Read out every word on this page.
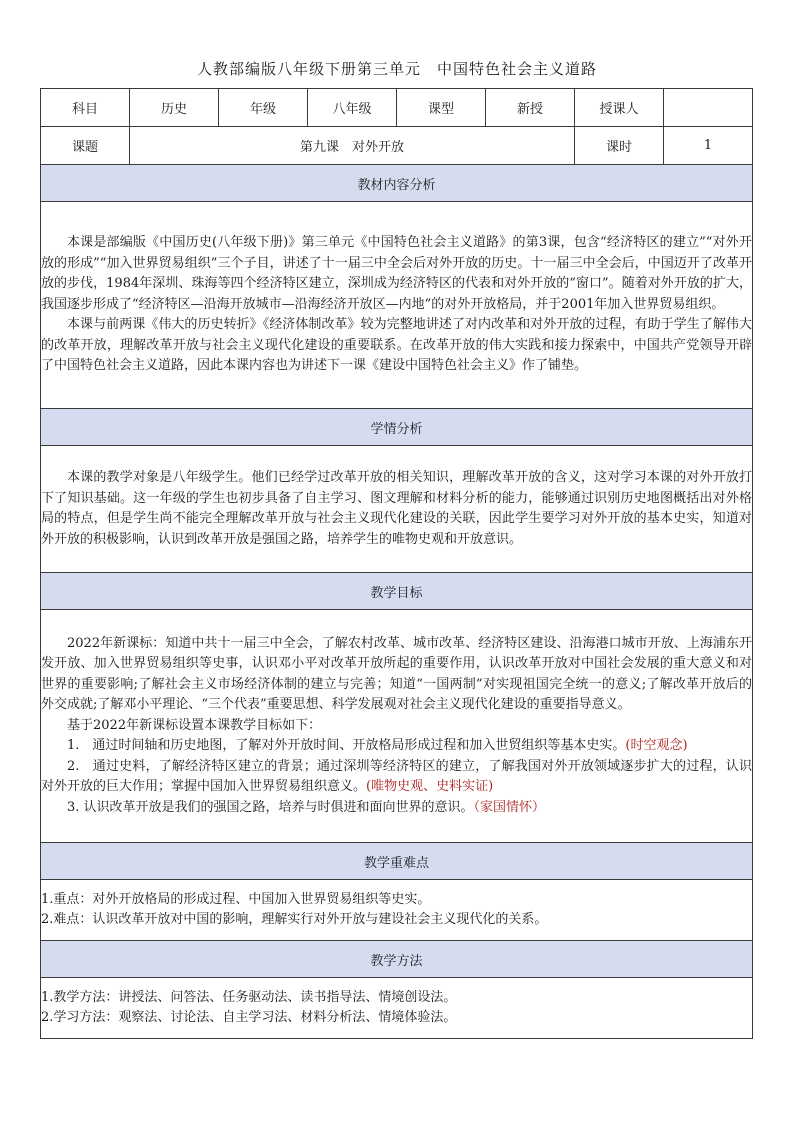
人教部编版八年级下册第三单元　中国特色社会主义道路
科目	历史	年级	八年级	课型	新授	授课人	
课题	第九课　对外开放					课时	1
教材内容分析							

本课是部编版《中国历史(八年级下册)》第三单元《中国特色社会主义道路》的第3课，包含“经济特区的建立”“对外开放的形成”“加入世界贸易组织”三个子目，讲述了十一届三中全会后对外开放的历史。十一届三中全会后，中国迈开了改革开放的步伐，1984年深圳、珠海等四个经济特区建立，深圳成为经济特区的代表和对外开放的“窗口”。随着对外开放的扩大，我国逐步形成了“经济特区—沿海开放城市—沿海经济开放区—内地”的对外开放格局，并于2001年加入世界贸易组织。

本课与前两课《伟大的历史转折》《经济体制改革》较为完整地讲述了对内改革和对外开放的过程，有助于学生了解伟大的改革开放，理解改革开放与社会主义现代化建设的重要联系。在改革开放的伟大实践和接力探索中，中国共产党领导开辟了中国特色社会主义道路，因此本课内容也为讲述下一课《建设中国特色社会主义》作了铺垫。							

学情分析							

本课的教学对象是八年级学生。他们已经学过改革开放的相关知识，理解改革开放的含义，这对学习本课的对外开放打下了知识基础。这一年级的学生也初步具备了自主学习、图文理解和材料分析的能力，能够通过识别历史地图概括出对外格局的特点，但是学生尚不能完全理解改革开放与社会主义现代化建设的关联，因此学生要学习对外开放的基本史实，知道对外开放的积极影响，认识到改革开放是强国之路，培养学生的唯物史观和开放意识。							

教学目标							

2022年新课标：知道中共十一届三中全会，了解农村改革、城市改革、经济特区建设、沿海港口城市开放、上海浦东开发开放、加入世界贸易组织等史事，认识邓小平对改革开放所起的重要作用，认识改革开放对中国社会发展的重大意义和对世界的重要影响;了解社会主义市场经济体制的建立与完善；知道“一国两制”对实现祖国完全统一的意义;了解改革开放后的外交成就;了解邓小平理论、“三个代表”重要思想、科学发展观对社会主义现代化建设的重要指导意义。

基于2022年新课标设置本课教学目标如下：

1.　通过时间轴和历史地图，了解对外开放时间、开放格局形成过程和加入世贸组织等基本史实。(时空观念)

2.　通过史料，了解经济特区建立的背景；通过深圳等经济特区的建立，了解我国对外开放领域逐步扩大的过程，认识对外开放的巨大作用；掌握中国加入世界贸易组织意义。(唯物史观、史料实证)

3. 认识改革开放是我们的强国之路，培养与时俱进和面向世界的意识。（家国情怀）							

教学重难点							

1.重点：对外开放格局的形成过程、中国加入世界贸易组织等史实。

2.难点：认识改革开放对中国的影响，理解实行对外开放与建设社会主义现代化的关系。							

教学方法							

1.教学方法：讲授法、问答法、任务驱动法、读书指导法、情境创设法。

2.学习方法：观察法、讨论法、自主学习法、材料分析法、情境体验法。							
